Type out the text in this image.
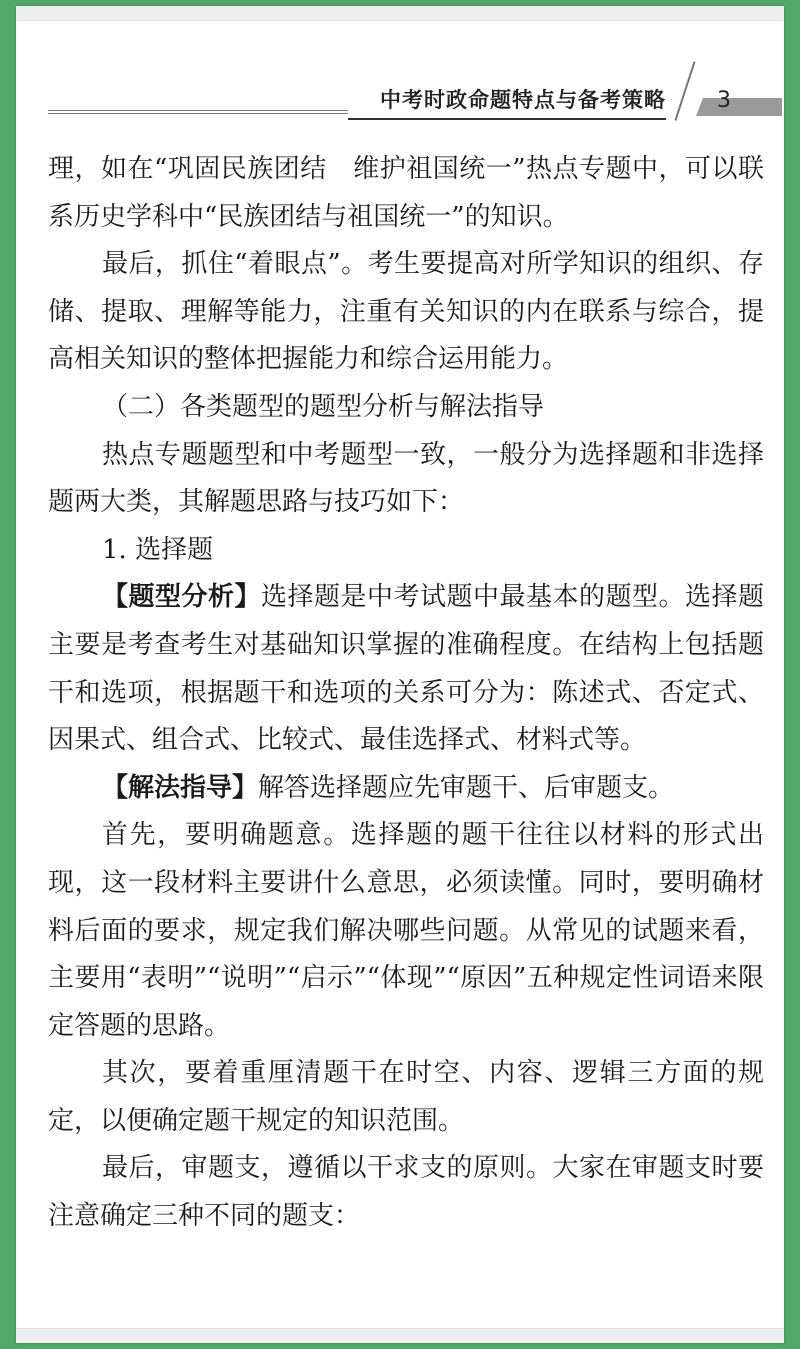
中考时政命题特点与备考策略	3

理，如在“巩固民族团结　维护祖国统一”热点专题中，可以联系历史学科中“民族团结与祖国统一”的知识。

最后，抓住“着眼点”。考生要提高对所学知识的组织、存储、提取、理解等能力，注重有关知识的内在联系与综合，提高相关知识的整体把握能力和综合运用能力。

（二）各类题型的题型分析与解法指导

热点专题题型和中考题型一致，一般分为选择题和非选择题两大类，其解题思路与技巧如下：

1. 选择题

【题型分析】选择题是中考试题中最基本的题型。选择题主要是考查考生对基础知识掌握的准确程度。在结构上包括题干和选项，根据题干和选项的关系可分为：陈述式、否定式、因果式、组合式、比较式、最佳选择式、材料式等。

【解法指导】解答选择题应先审题干、后审题支。

首先，要明确题意。选择题的题干往往以材料的形式出现，这一段材料主要讲什么意思，必须读懂。同时，要明确材料后面的要求，规定我们解决哪些问题。从常见的试题来看，主要用“表明”“说明”“启示”“体现”“原因”五种规定性词语来限定答题的思路。

其次，要着重厘清题干在时空、内容、逻辑三方面的规定，以便确定题干规定的知识范围。

最后，审题支，遵循以干求支的原则。大家在审题支时要注意确定三种不同的题支：
